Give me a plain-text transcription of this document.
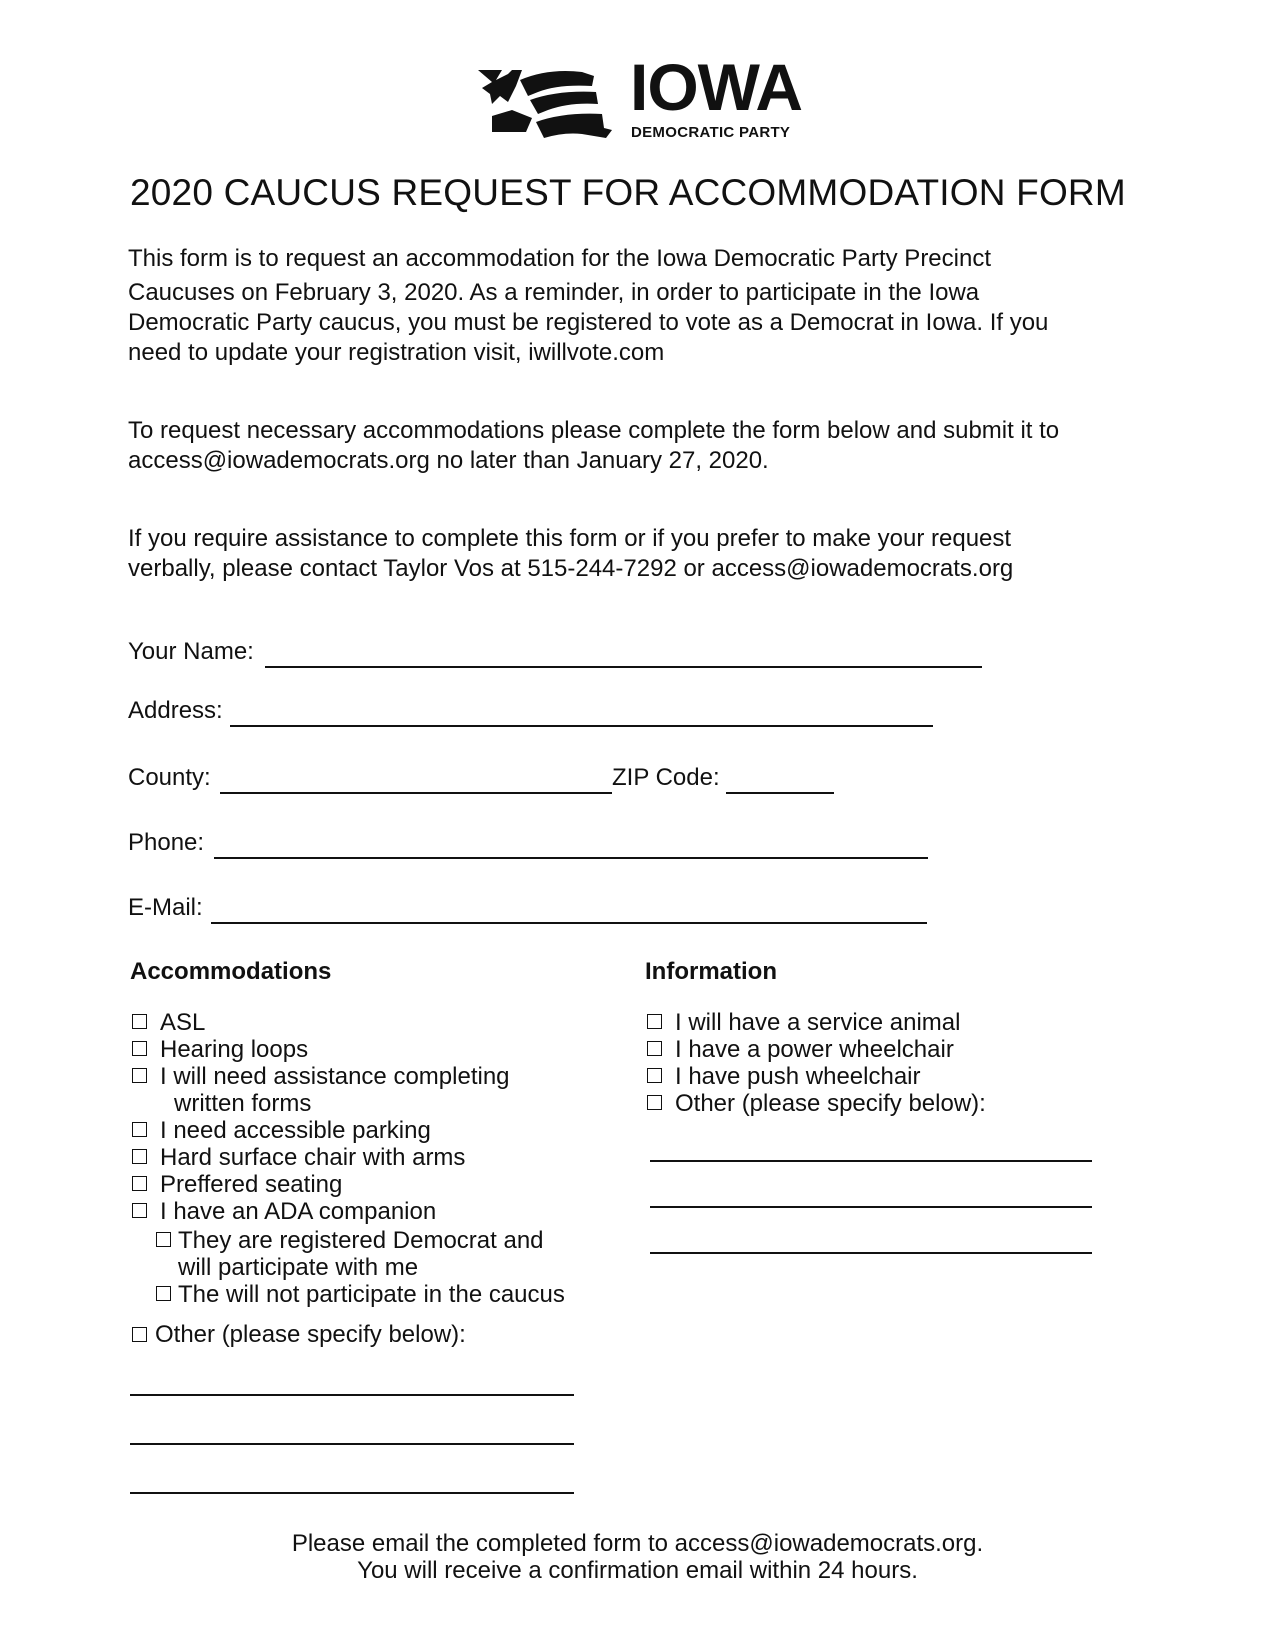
IOWA
DEMOCRATIC PARTY
2020 CAUCUS REQUEST FOR ACCOMMODATION FORM

This form is to request an accommodation for the Iowa Democratic Party Precinct
Caucuses on February 3, 2020. As a reminder, in order to participate in the Iowa
Democratic Party caucus, you must be registered to vote as a Democrat in Iowa. If you
need to update your registration visit, iwillvote.com

To request necessary accommodations please complete the form below and submit it to
access@iowademocrats.org no later than January 27, 2020.

If you require assistance to complete this form or if you prefer to make your request
verbally, please contact Taylor Vos at 515-244-7292 or access@iowademocrats.org

Your Name:
Address:
County:	ZIP Code:
Phone:
E-Mail:
Accommodations	Information
ASL
Hearing loops
I will need assistance completing
written forms
I need accessible parking
Hard surface chair with arms
Preffered seating
I have an ADA companion
They are registered Democrat and
will participate with me
The will not participate in the caucus
Other (please specify below):
I will have a service animal
I have a power wheelchair
I have push wheelchair
Other (please specify below):
Please email the completed form to access@iowademocrats.org.
You will receive a confirmation email within 24 hours.
